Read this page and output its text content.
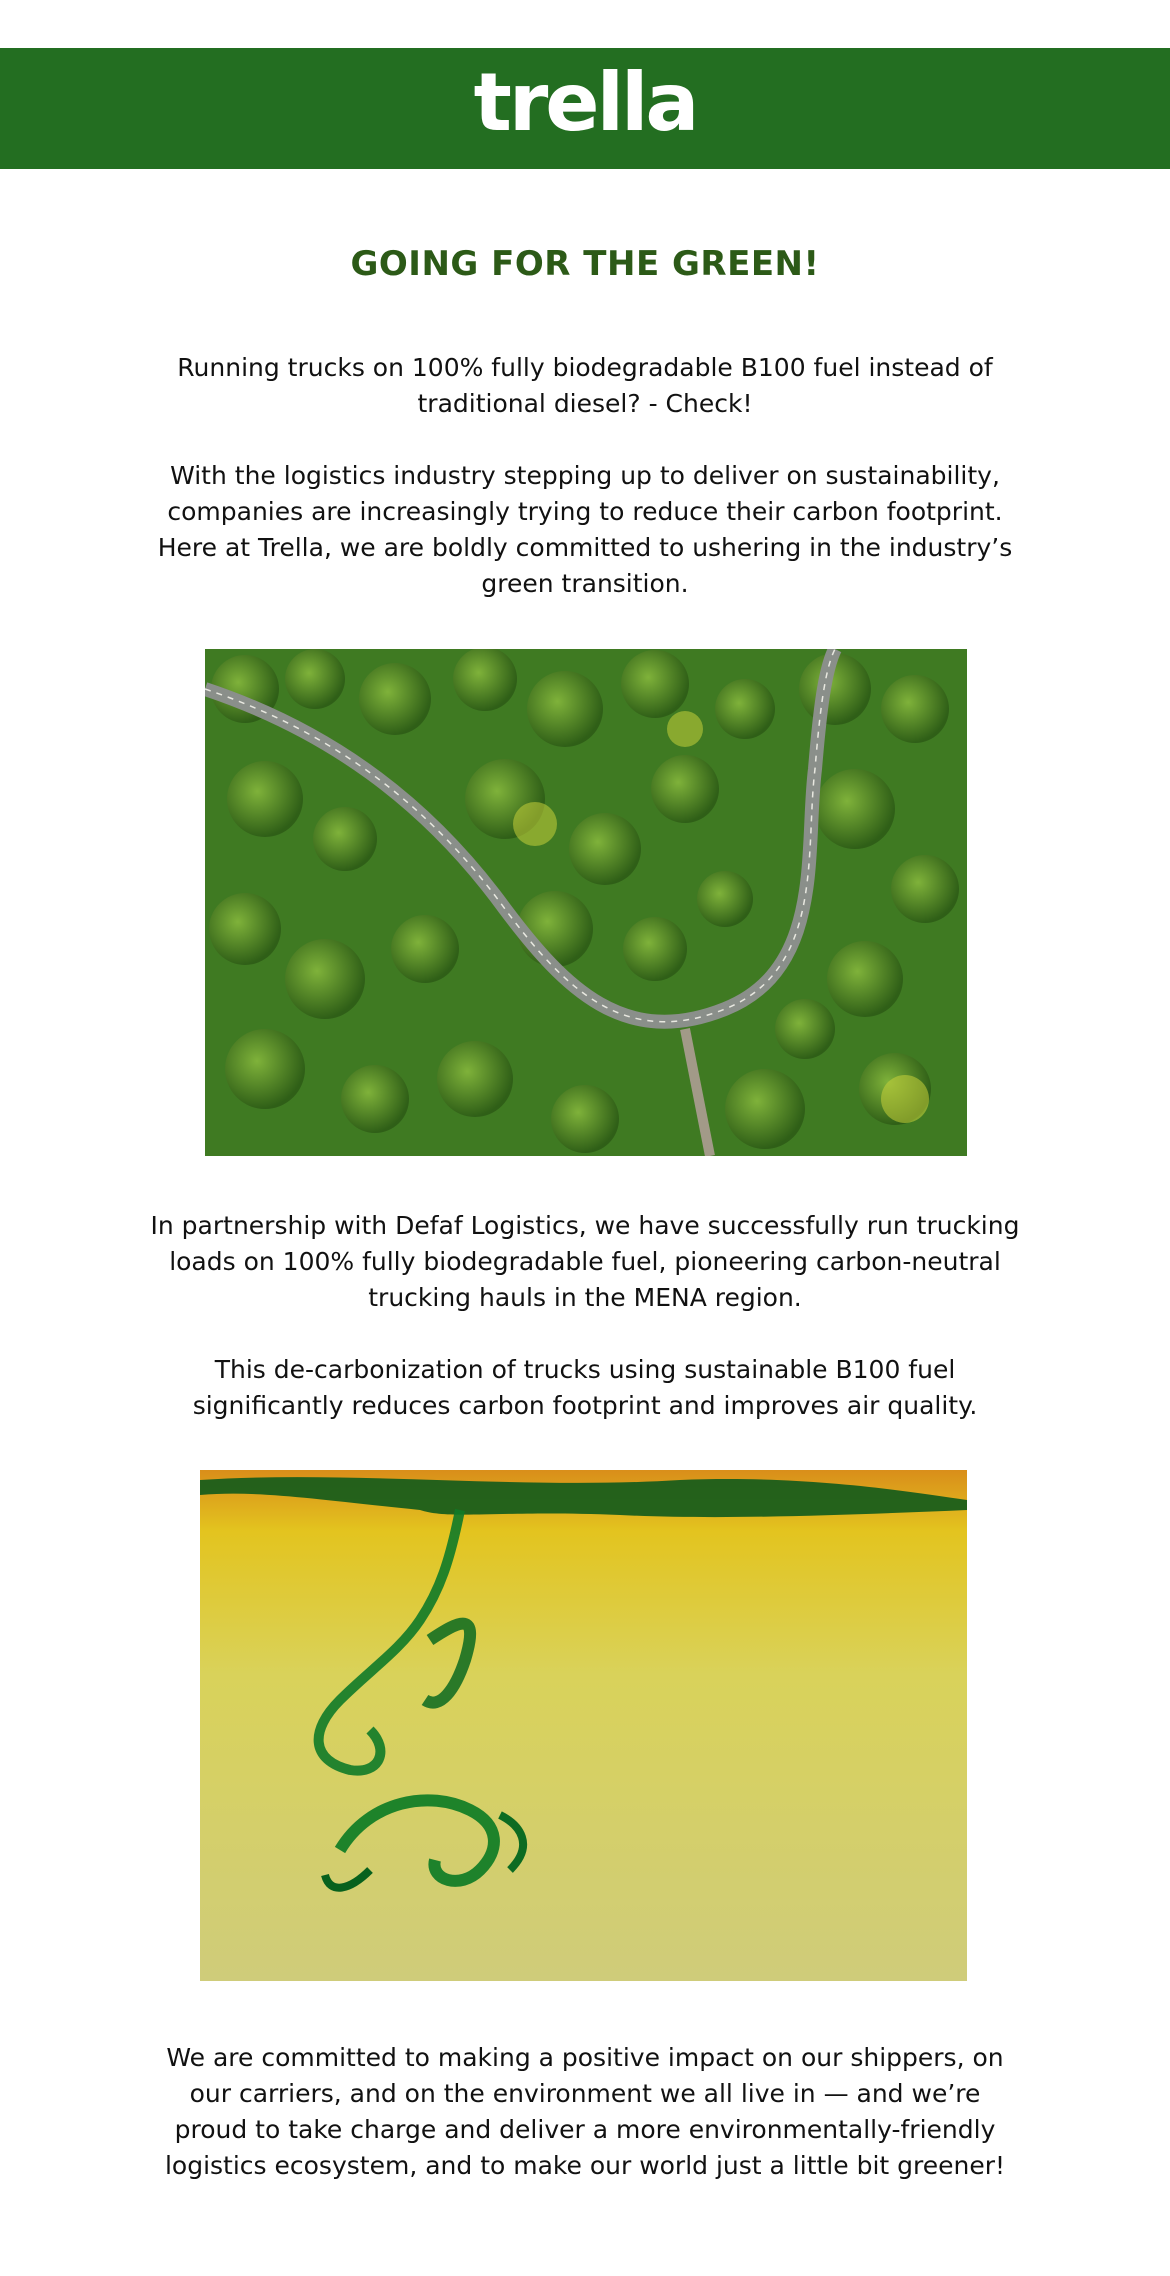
trella
GOING FOR THE GREEN!

Running trucks on 100% fully biodegradable B100 fuel instead of traditional diesel? - Check!

With the logistics industry stepping up to deliver on sustainability, companies are increasingly trying to reduce their carbon footprint. Here at Trella, we are boldly committed to ushering in the industry’s green transition.

In partnership with Defaf Logistics, we have successfully run trucking loads on 100% fully biodegradable fuel, pioneering carbon-neutral trucking hauls in the MENA region.

This de-carbonization of trucks using sustainable B100 fuel significantly reduces carbon footprint and improves air quality.

We are committed to making a positive impact on our shippers, on our carriers, and on the environment we all live in — and we’re proud to take charge and deliver a more environmentally-friendly logistics ecosystem, and to make our world just a little bit greener!
